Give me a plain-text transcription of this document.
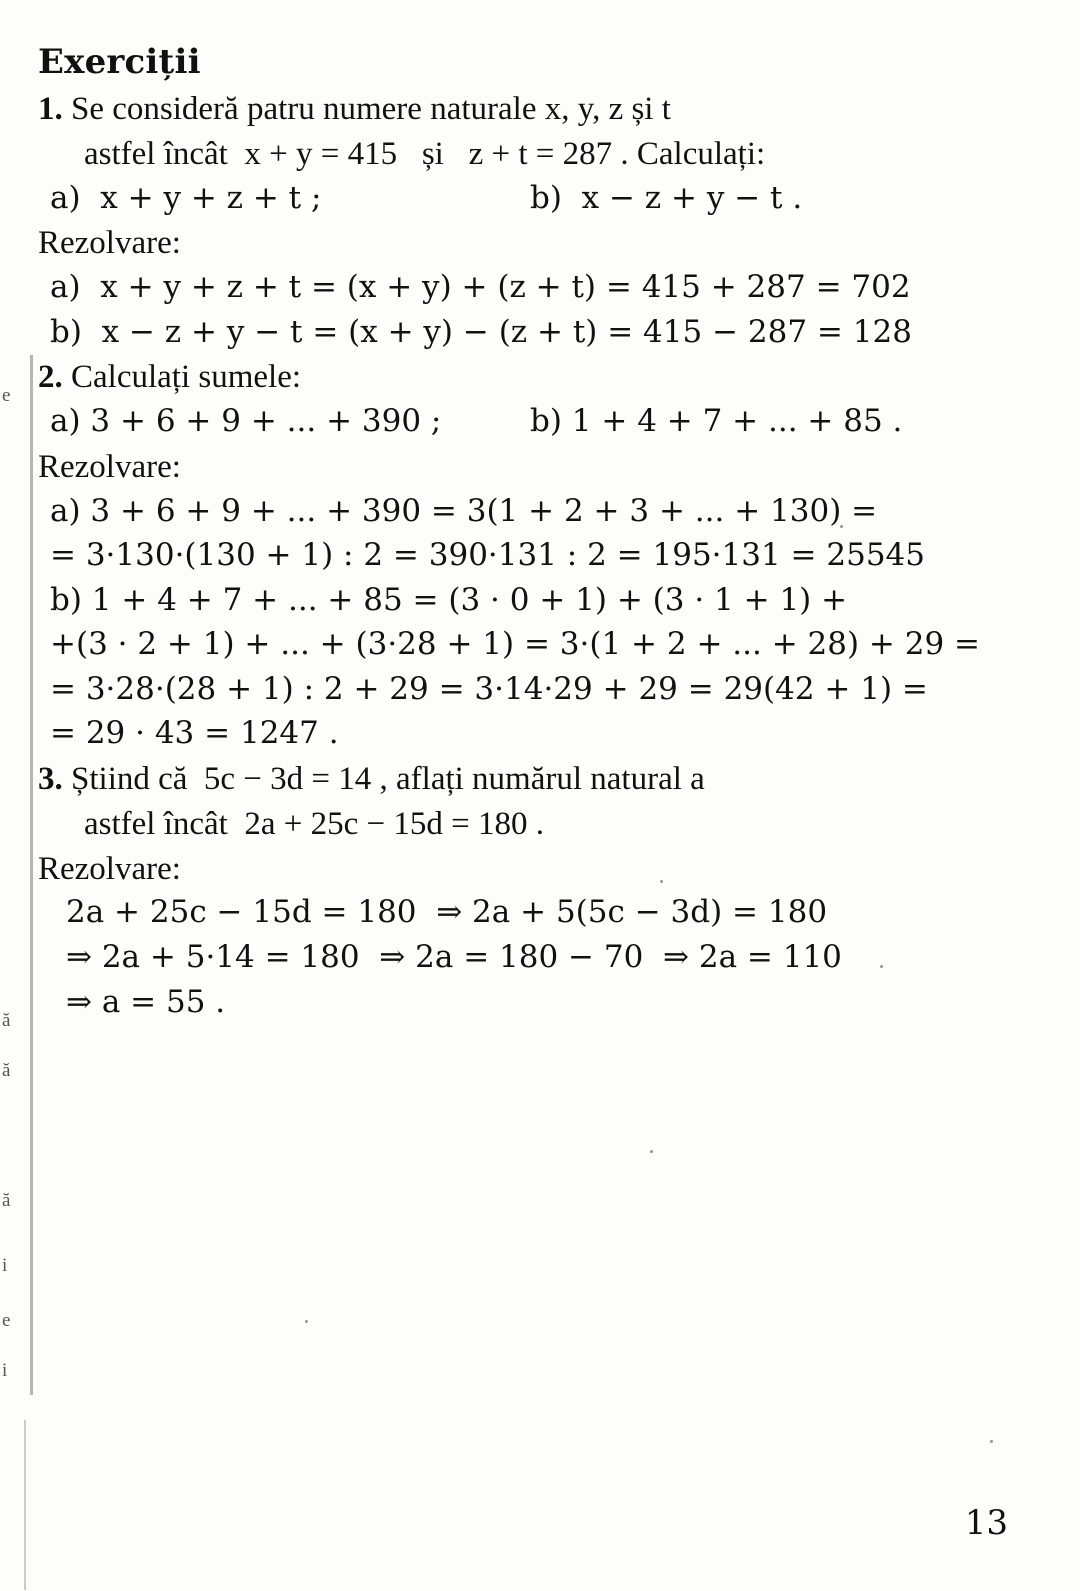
e
ă
ă
ă
i
e
i
Exerciții
1. Se consideră patru numere naturale x, y, z și t
astfel încât  x + y = 415   și   z + t = 287 . Calculați:
a)  x + y + z + t ;	b)  x − z + y − t .
Rezolvare:
a)  x + y + z + t = (x + y) + (z + t) = 415 + 287 = 702
b)  x − z + y − t = (x + y) − (z + t) = 415 − 287 = 128
2. Calculați sumele:
a) 3 + 6 + 9 + ... + 390 ;	b) 1 + 4 + 7 + ... + 85 .
Rezolvare:
a) 3 + 6 + 9 + ... + 390 = 3(1 + 2 + 3 + ... + 130) =
= 3·130·(130 + 1) : 2 = 390·131 : 2 = 195·131 = 25545
b) 1 + 4 + 7 + ... + 85 = (3 · 0 + 1) + (3 · 1 + 1) +
+(3 · 2 + 1) + ... + (3·28 + 1) = 3·(1 + 2 + ... + 28) + 29 =
= 3·28·(28 + 1) : 2 + 29 = 3·14·29 + 29 = 29(42 + 1) =
= 29 · 43 = 1247 .
3. Știind că  5c − 3d = 14 , aflați numărul natural a
astfel încât  2a + 25c − 15d = 180 .
Rezolvare:
2a + 25c − 15d = 180  ⇒ 2a + 5(5c − 3d) = 180
⇒ 2a + 5·14 = 180  ⇒ 2a = 180 − 70  ⇒ 2a = 110
⇒ a = 55 .
13
